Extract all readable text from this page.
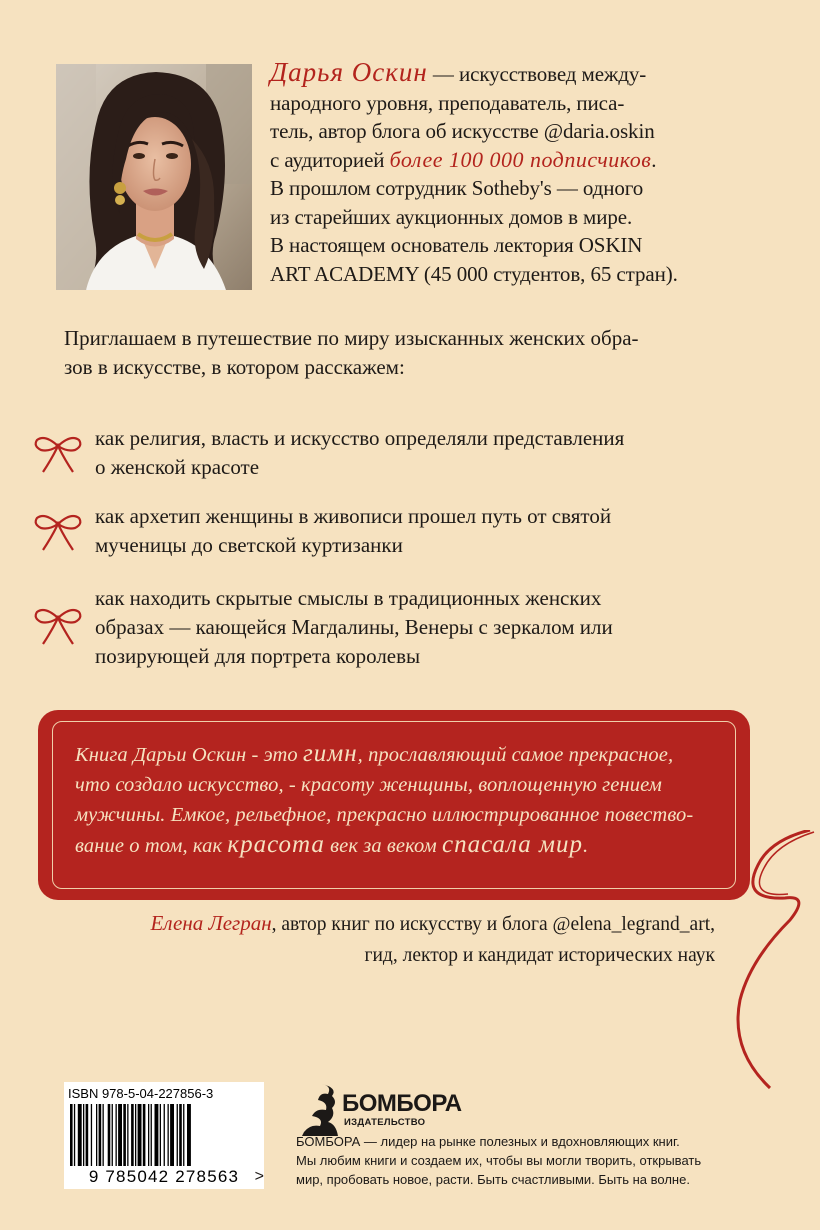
Дарья Оскин — искусствовед между-

народного уровня, преподаватель, писа-

тель, автор блога об искусстве @daria.oskin

с аудиторией более 100 000 подписчиков.

В прошлом сотрудник Sotheby's — одного

из старейших аукционных домов в мире.

В настоящем основатель лектория OSKIN

ART ACADEMY (45 000 студентов, 65 стран).

Приглашаем в путешествие по миру изысканных женских обра-

зов в искусстве, в котором расскажем:

как религия, власть и искусство определяли представления

о женской красоте

как архетип женщины в живописи прошел путь от святой

мученицы до светской куртизанки

как находить скрытые смыслы в традиционных женских

образах — кающейся Магдалины, Венеры с зеркалом или

позирующей для портрета королевы

Книга Дарьи Оскин - это гимн, прославляющий самое прекрасное,

что создало искусство, - красоту женщины, воплощенную гением

мужчины. Емкое, рельефное, прекрасно иллюстрированное повество-

вание о том, как красота век за веком спасала мир.

Елена Легран, автор книг по искусству и блога @elena_legrand_art,

гид, лектор и кандидат исторических наук

ISBN 978-5-04-227856-3
9 785042 278563 >
БОМБОРА
ИЗДАТЕЛЬСТВО

БОМБОРА — лидер на рынке полезных и вдохновляющих книг.

Мы любим книги и создаем их, чтобы вы могли творить, открывать

мир, пробовать новое, расти. Быть счастливыми. Быть на волне.
